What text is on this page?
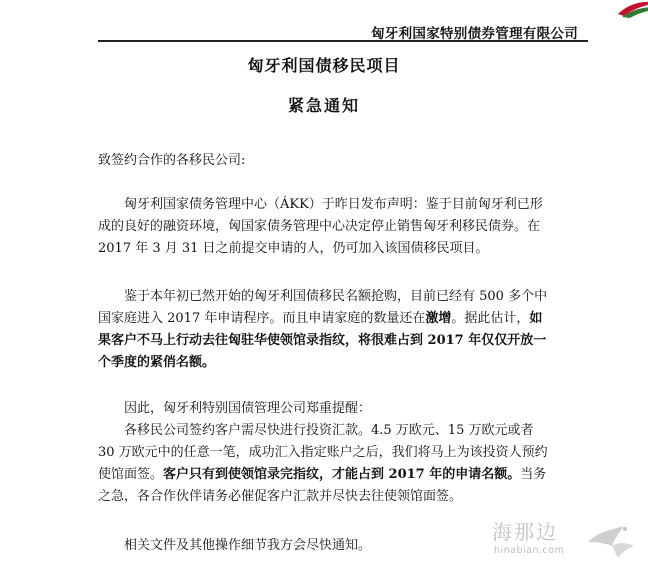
匈牙利国家特别债券管理有限公司
匈牙利国债移民项目
紧急通知
致签约合作的各移民公司:
匈牙利国家债务管理中心（ÁKK）于昨日发布声明：鉴于目前匈牙利已形成的良好的融资环境，匈国家债务管理中心决定停止销售匈牙利移民债券。在 2017 年 3 月 31 日之前提交申请的人，仍可加入该国债移民项目。
鉴于本年初已然开始的匈牙利国债移民名额抢购，目前已经有 500 多个中国家庭进入 2017 年申请程序。而且申请家庭的数量还在激增。据此估计，如果客户不马上行动去往匈驻华使领馆录指纹，将很难占到 2017 年仅仅开放一个季度的紧俏名额。
因此，匈牙利特别国债管理公司郑重提醒：
各移民公司签约客户需尽快进行投资汇款。4.5 万欧元、15 万欧元或者 30 万欧元中的任意一笔，成功汇入指定账户之后，我们将马上为该投资人预约使馆面签。客户只有到使领馆录完指纹，才能占到 2017 年的申请名额。当务之急，各合作伙伴请务必催促客户汇款并尽快去往使领馆面签。
相关文件及其他操作细节我方会尽快通知。
海那边
hinabian.com
